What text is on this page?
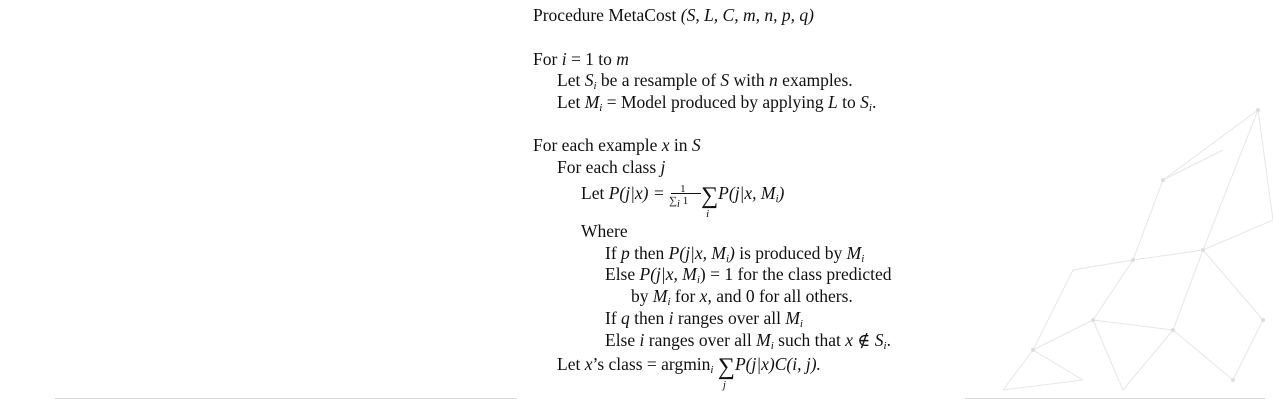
Procedure MetaCost (S, L, C, m, n, p, q)
For i = 1 to m
Let $S_i$ be a resample of S with n examples.
Let $M_i$ = Model produced by applying L to $S_i$.
For each example x in S
For each class j
Let P(j|x) = 1
$\sum_i$ 1 ∑
i
P(j|x, $M_i$)
Where
If p then P(j|x, $M_i$) is produced by $M_i$
Else P(j|x, $M_i) = 1$ for the class predicted
by $M_i$ for x, and 0 for all others.
If q then i ranges over all $M_i$
Else i ranges over all $M_i$ such that x ∉ $S_i$.
Let x’s class = argmin$_i$ ∑
j
P(j|x)C(i, j).
